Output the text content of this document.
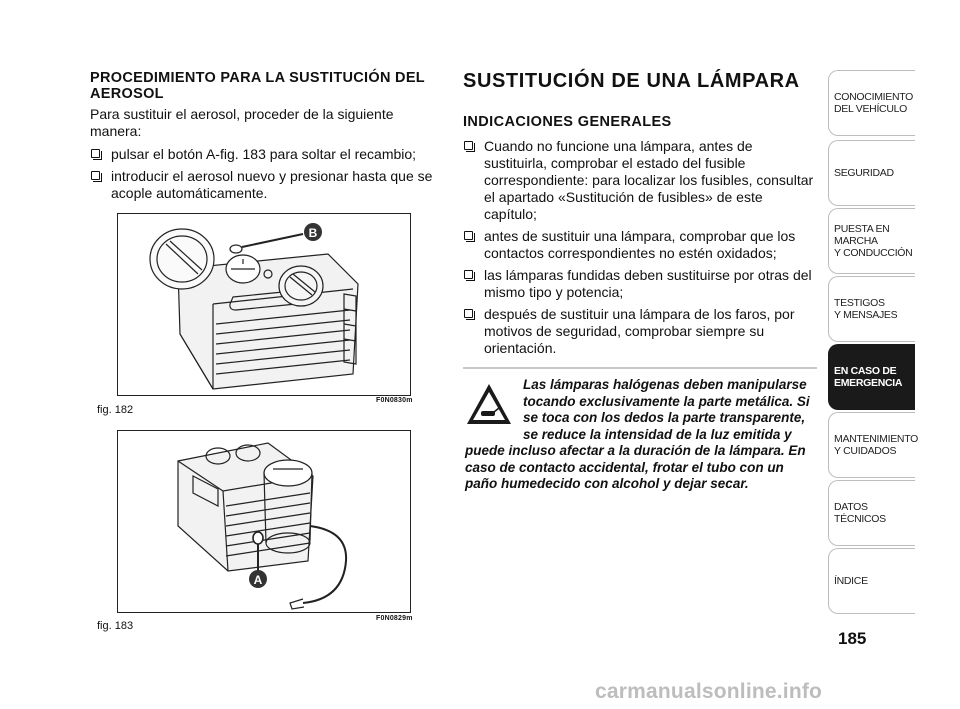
PROCEDIMIENTO PARA LA SUSTITUCIÓN DEL AEROSOL
Para sustituir el aerosol, proceder de la siguiente manera:
pulsar el botón A-fig. 183 para soltar el recambio;
introducir el aerosol nuevo y presionar hasta que se acople automáticamente.
B
fig. 182
F0N0830m
A
fig. 183
F0N0829m
SUSTITUCIÓN DE UNA LÁMPARA
INDICACIONES GENERALES
Cuando no funcione una lámpara, antes de sustituirla, comprobar el estado del fusible correspondiente: para localizar los fusibles, consultar el apartado «Sustitución de fusibles» de este capítulo;
antes de sustituir una lámpara, comprobar que los contactos correspondientes no estén oxidados;
las lámparas fundidas deben sustituirse por otras del mismo tipo y potencia;
después de sustituir una lámpara de los faros, por motivos de seguridad, comprobar siempre su orientación.
Las lámparas halógenas deben manipularse tocando exclusivamente la parte metálica. Si se toca con los dedos la parte transparente, se reduce la intensidad de la luz emitida y puede incluso afectar a la duración de la lámpara. En caso de contacto accidental, frotar el tubo con un paño humedecido con alcohol y dejar secar.
CONOCIMIENTO
DEL VEHÍCULO
SEGURIDAD
PUESTA EN
MARCHA
Y CONDUCCIÓN
TESTIGOS
Y MENSAJES
EN CASO DE
EMERGENCIA
MANTENIMIENTO
Y CUIDADOS
DATOS
TÉCNICOS
ÍNDICE
185
carmanualsonline.info
